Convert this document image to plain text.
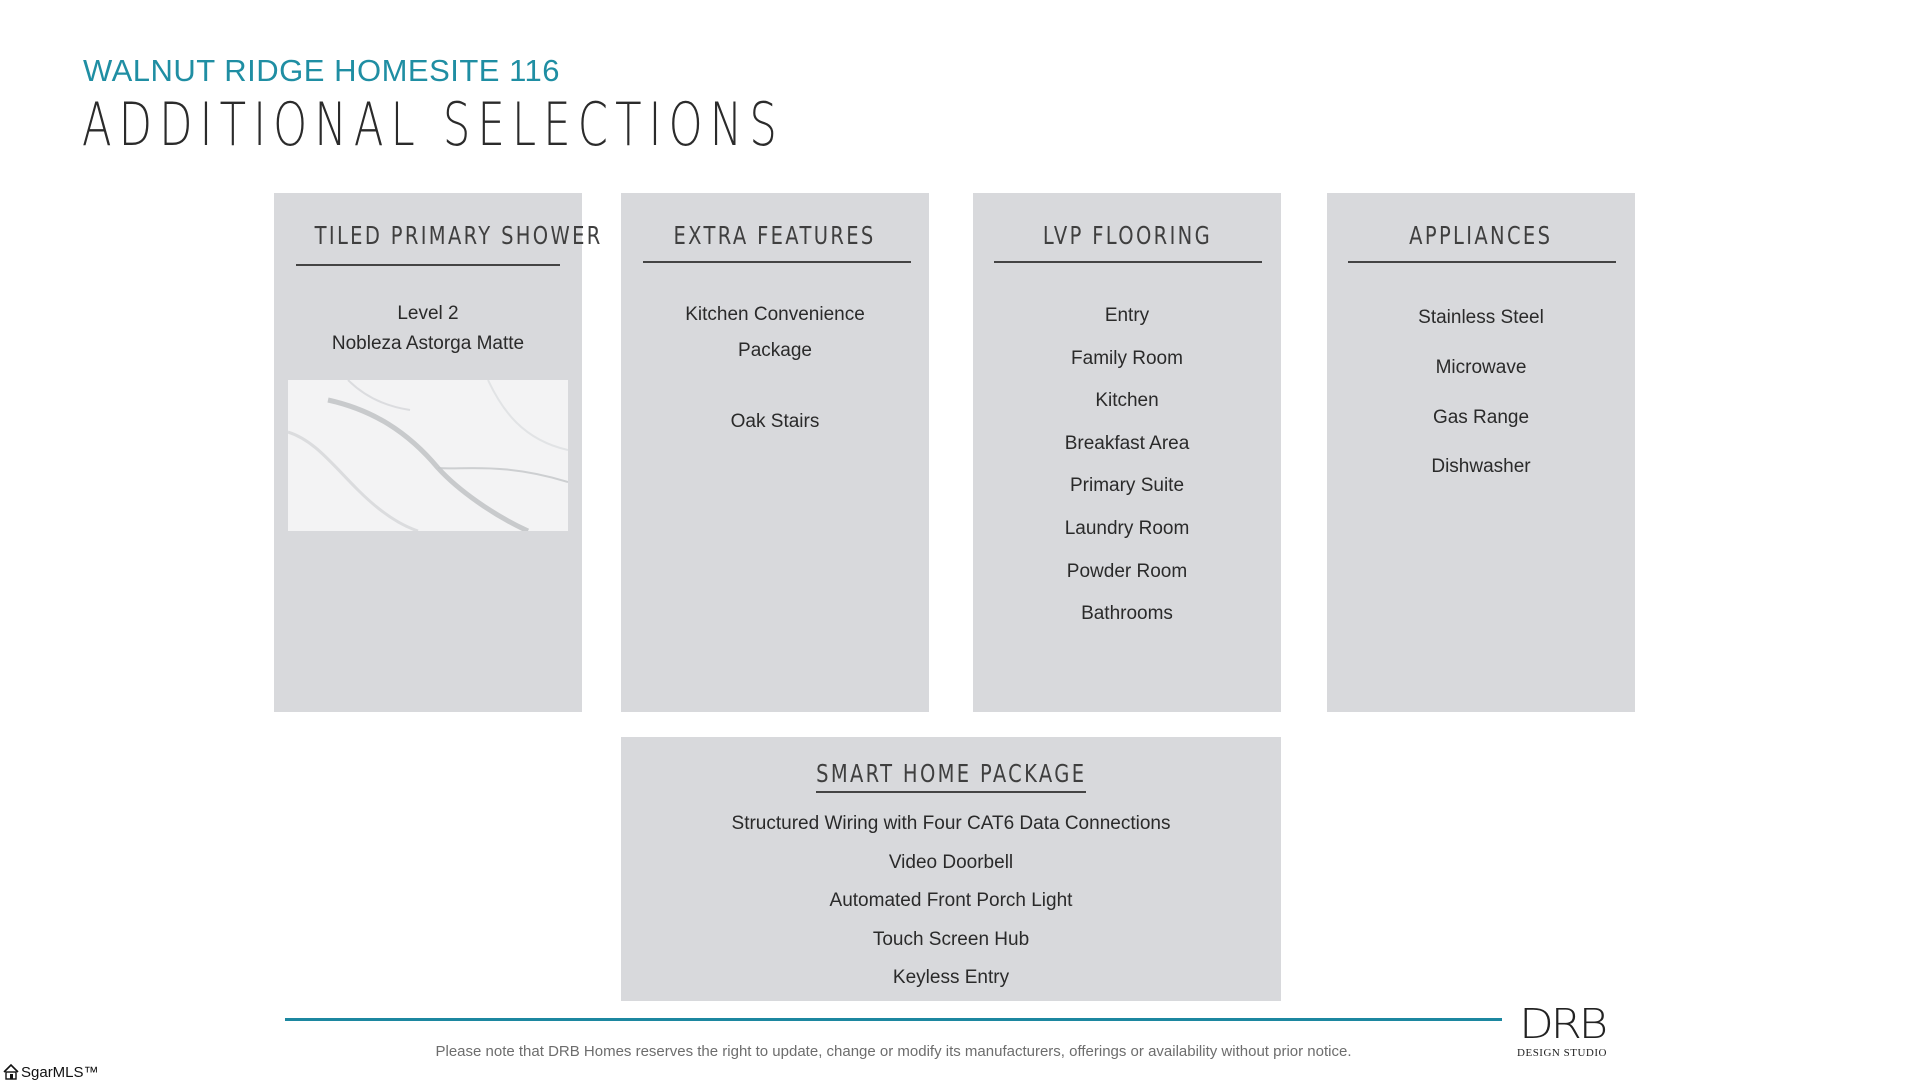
WALNUT RIDGE HOMESITE 116
ADDITIONAL SELECTIONS
TILED PRIMARY SHOWER
Level 2
Nobleza Astorga Matte
EXTRA FEATURES
Kitchen Convenience
Package
Oak Stairs
LVP FLOORING
Entry
Family Room
Kitchen
Breakfast Area
Primary Suite
Laundry Room
Powder Room
Bathrooms
APPLIANCES
Stainless Steel
Microwave
Gas Range
Dishwasher
SMART HOME PACKAGE
Structured Wiring with Four CAT6 Data Connections
Video Doorbell
Automated Front Porch Light
Touch Screen Hub
Keyless Entry
Please note that DRB Homes reserves the right to update, change or modify its manufacturers, offerings or availability without prior notice.
DRB
DESIGN STUDIO
SgarMLS™
